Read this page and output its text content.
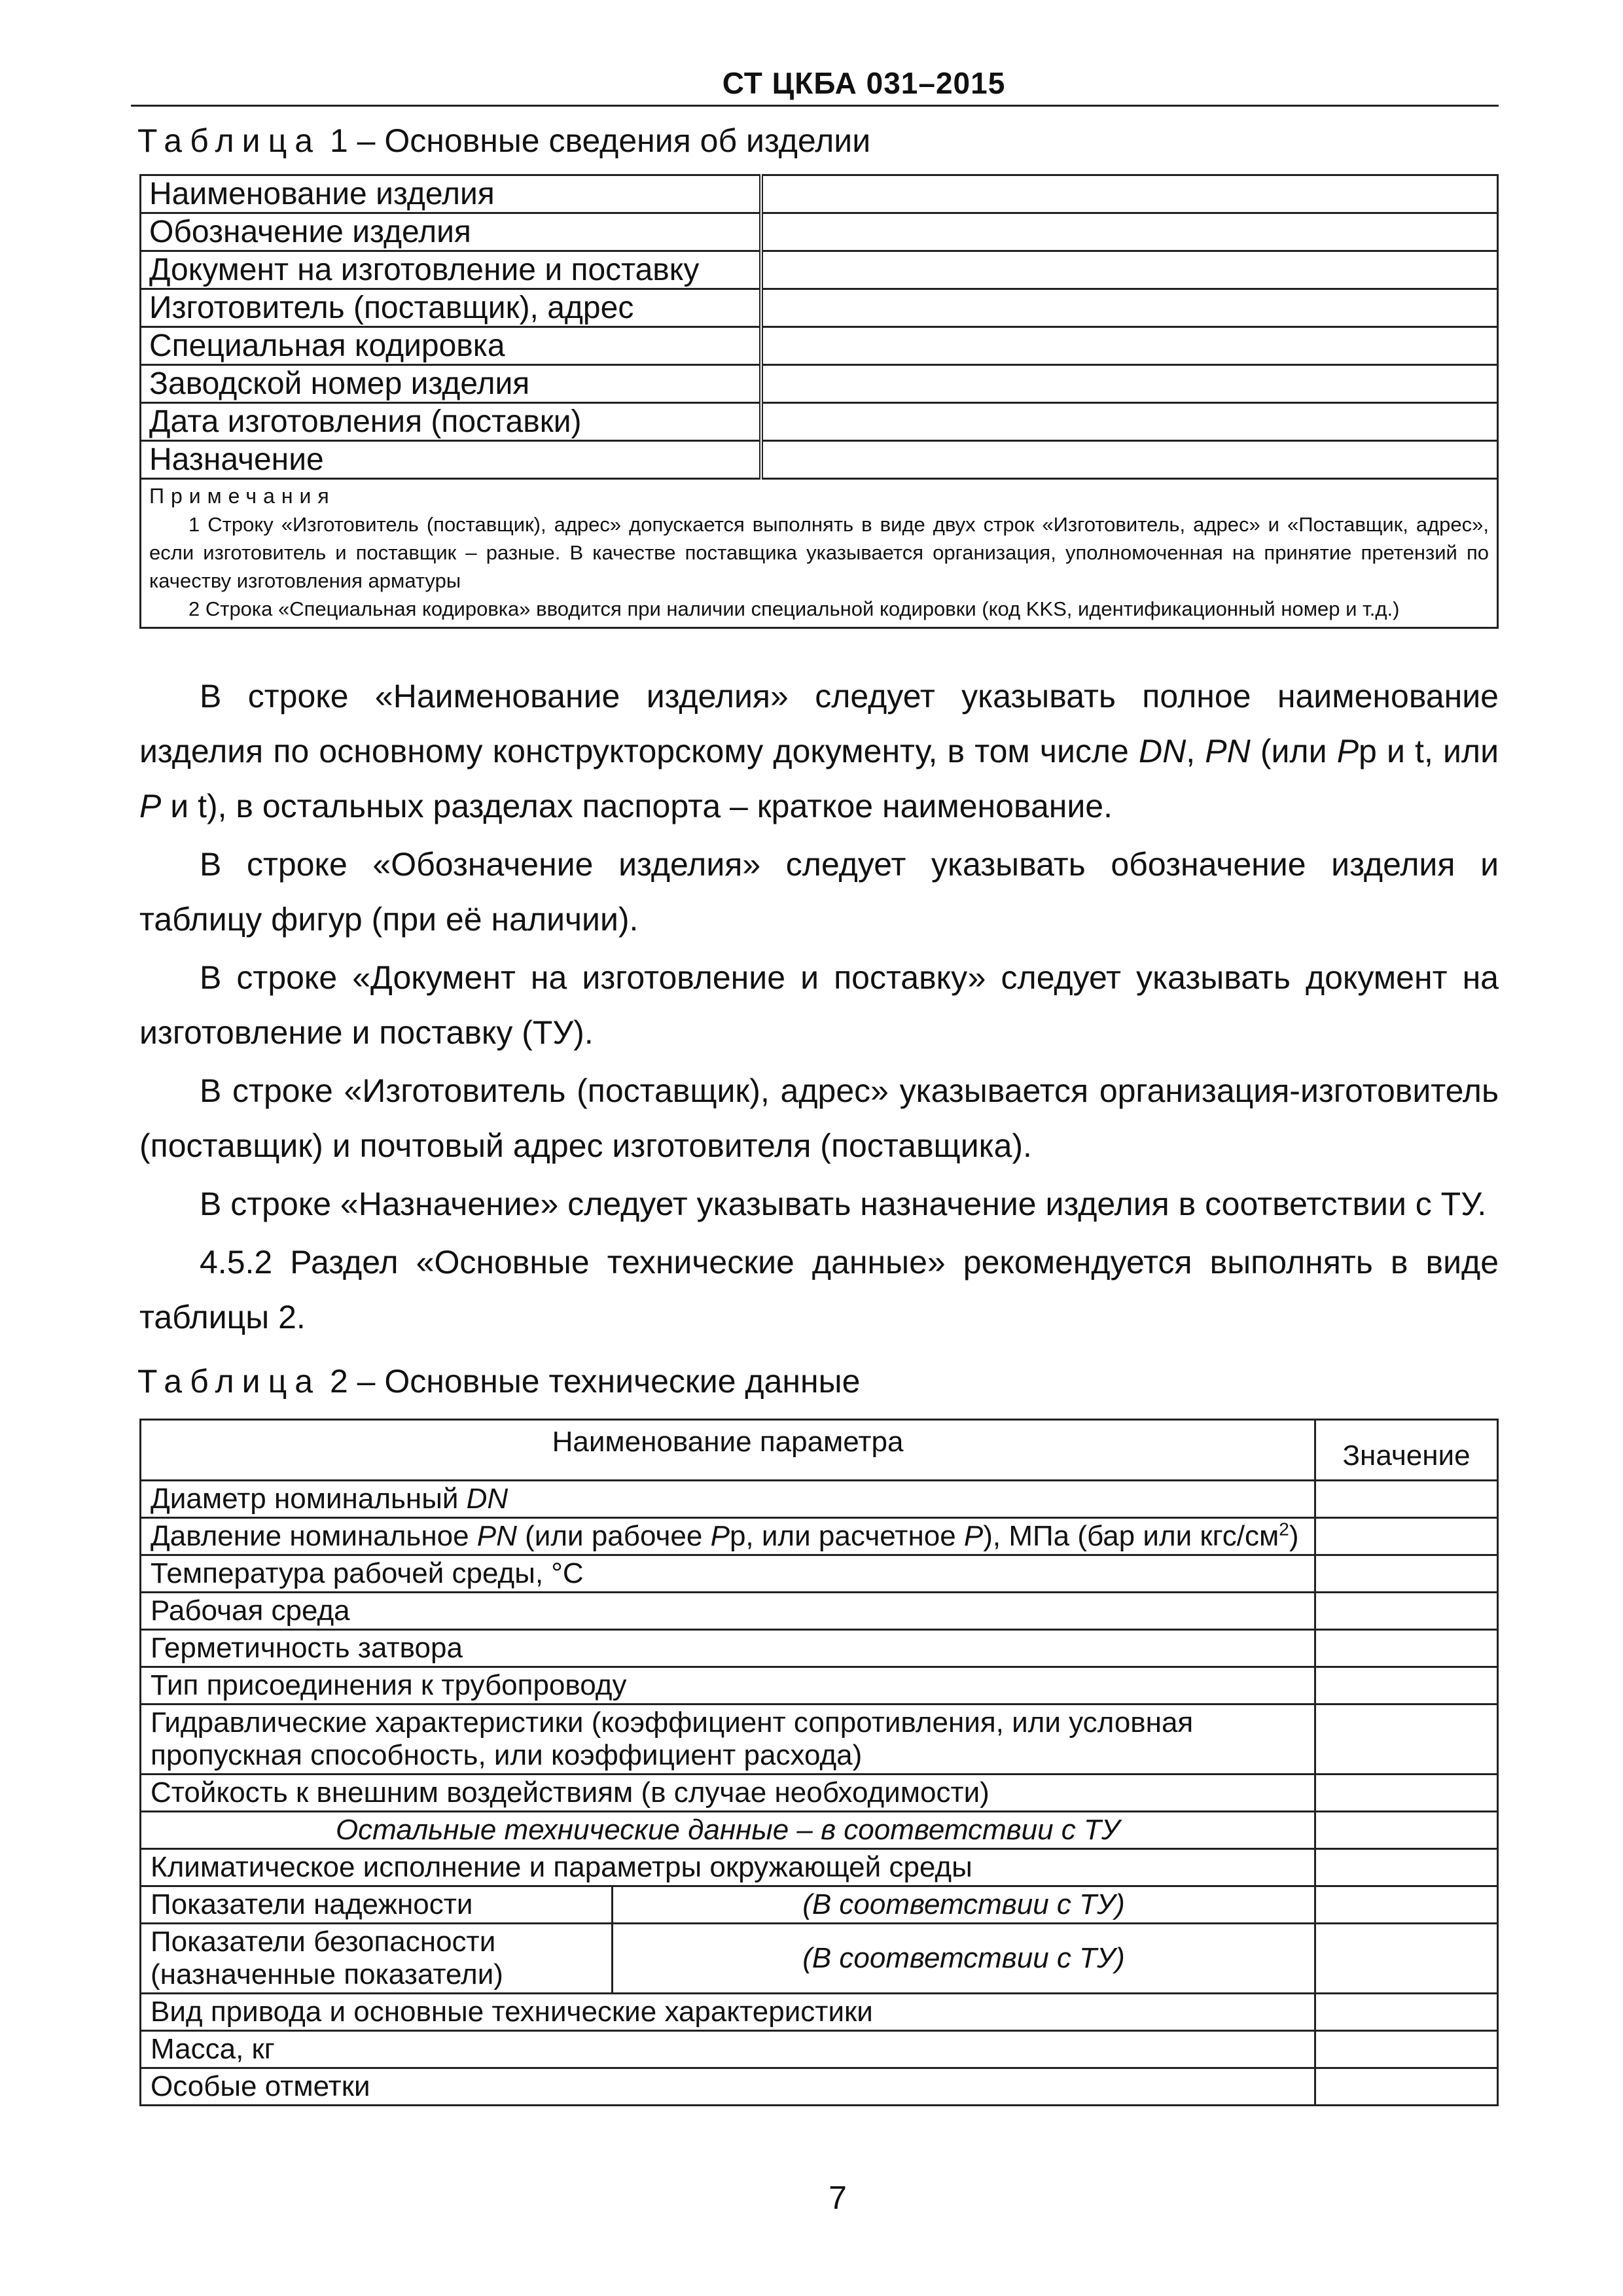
СТ ЦКБА 031–2015
Таблица 1 – Основные сведения об изделии
Наименование изделия	
Обозначение изделия	
Документ на изготовление и поставку	
Изготовитель (поставщик), адрес	
Специальная кодировка	
Заводской номер изделия	
Дата изготовления (поставки)	
Назначение	

Примечания
1 Строку «Изготовитель (поставщик), адрес» допускается выполнять в виде двух строк «Изготовитель, адрес» и «Поставщик, адрес», если изготовитель и поставщик – разные. В качестве поставщика указывается организация, уполномоченная на принятие претензий по качеству изготовления арматуры
2 Строка «Специальная кодировка» вводится при наличии специальной кодировки (код KKS, идентификационный номер и т.д.)	

В строке «Наименование изделия» следует указывать полное наименование изделия по основному конструкторскому документу, в том числе DN, PN (или Pр и t, или P и t), в остальных разделах паспорта – краткое наименование.

В строке «Обозначение изделия» следует указывать обозначение изделия и таблицу фигур (при её наличии).

В строке «Документ на изготовление и поставку» следует указывать документ на изготовление и поставку (ТУ).

В строке «Изготовитель (поставщик), адрес» указывается организация-изготовитель (поставщик) и почтовый адрес изготовителя (поставщика).

В строке «Назначение» следует указывать назначение изделия в соответствии с ТУ.

4.5.2 Раздел «Основные технические данные» рекомендуется выполнять в виде таблицы 2.

Таблица 2 – Основные технические данные
Наименование параметра		Значение
Диаметр номинальный DN		
Давление номинальное PN (или рабочее Pр, или расчетное P), МПа (бар или кгс/$см^2$)		
Температура рабочей среды, °С		
Рабочая среда		
Герметичность затвора		
Тип присоединения к трубопроводу		
Гидравлические характеристики (коэффициент сопротивления, или условная пропускная способность, или коэффициент расхода)		
Стойкость к внешним воздействиям (в случае необходимости)		
Остальные технические данные – в соответствии с ТУ		
Климатическое исполнение и параметры окружающей среды		
Показатели надежности	(В соответствии с ТУ)	
Показатели безопасности (назначенные показатели)	(В соответствии с ТУ)	
Вид привода и основные технические характеристики		
Масса, кг		
Особые отметки		
7
